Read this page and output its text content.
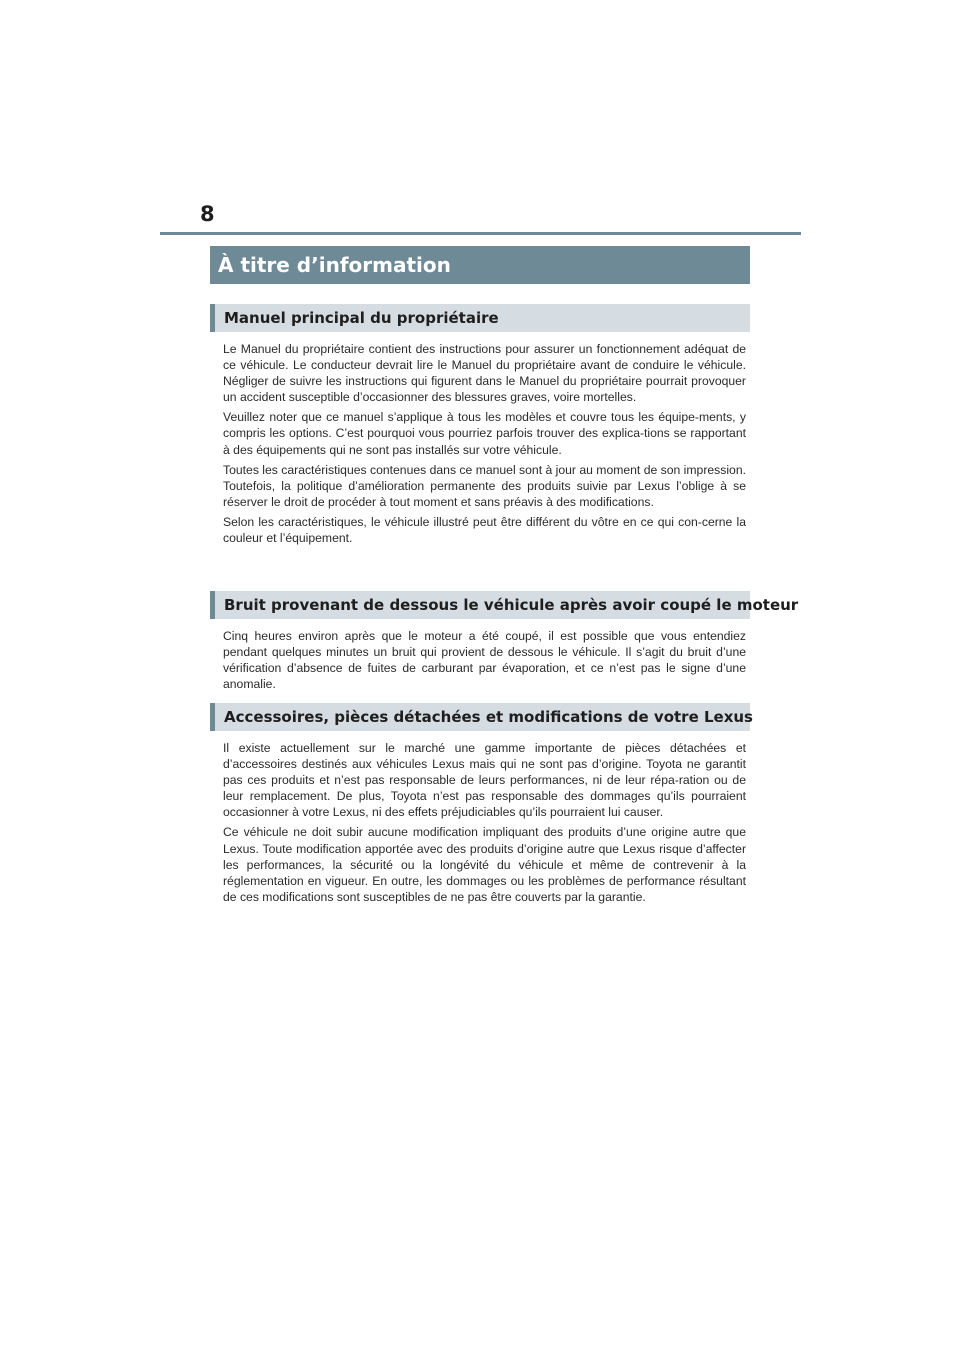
8
À titre d’information
Manuel principal du propriétaire

Le Manuel du propriétaire contient des instructions pour assurer un fonctionnement adéquat de ce véhicule. Le conducteur devrait lire le Manuel du propriétaire avant de conduire le véhicule. Négliger de suivre les instructions qui figurent dans le Manuel du propriétaire pourrait provoquer un accident susceptible d’occasionner des blessures graves, voire mortelles.

Veuillez noter que ce manuel s’applique à tous les modèles et couvre tous les équipe-ments, y compris les options. C’est pourquoi vous pourriez parfois trouver des explica-tions se rapportant à des équipements qui ne sont pas installés sur votre véhicule.

Toutes les caractéristiques contenues dans ce manuel sont à jour au moment de son impression. Toutefois, la politique d’amélioration permanente des produits suivie par Lexus l’oblige à se réserver le droit de procéder à tout moment et sans préavis à des modifications.

Selon les caractéristiques, le véhicule illustré peut être différent du vôtre en ce qui con-cerne la couleur et l’équipement.

Bruit provenant de dessous le véhicule après avoir coupé le moteur

Cinq heures environ après que le moteur a été coupé, il est possible que vous entendiez pendant quelques minutes un bruit qui provient de dessous le véhicule. Il s’agit du bruit d’une vérification d’absence de fuites de carburant par évaporation, et ce n’est pas le signe d’une anomalie.

Accessoires, pièces détachées et modifications de votre Lexus

Il existe actuellement sur le marché une gamme importante de pièces détachées et d’accessoires destinés aux véhicules Lexus mais qui ne sont pas d’origine. Toyota ne garantit pas ces produits et n’est pas responsable de leurs performances, ni de leur répa-ration ou de leur remplacement. De plus, Toyota n’est pas responsable des dommages qu’ils pourraient occasionner à votre Lexus, ni des effets préjudiciables qu’ils pourraient lui causer.

Ce véhicule ne doit subir aucune modification impliquant des produits d’une origine autre que Lexus. Toute modification apportée avec des produits d’origine autre que Lexus risque d’affecter les performances, la sécurité ou la longévité du véhicule et même de contrevenir à la réglementation en vigueur. En outre, les dommages ou les problèmes de performance résultant de ces modifications sont susceptibles de ne pas être couverts par la garantie.
